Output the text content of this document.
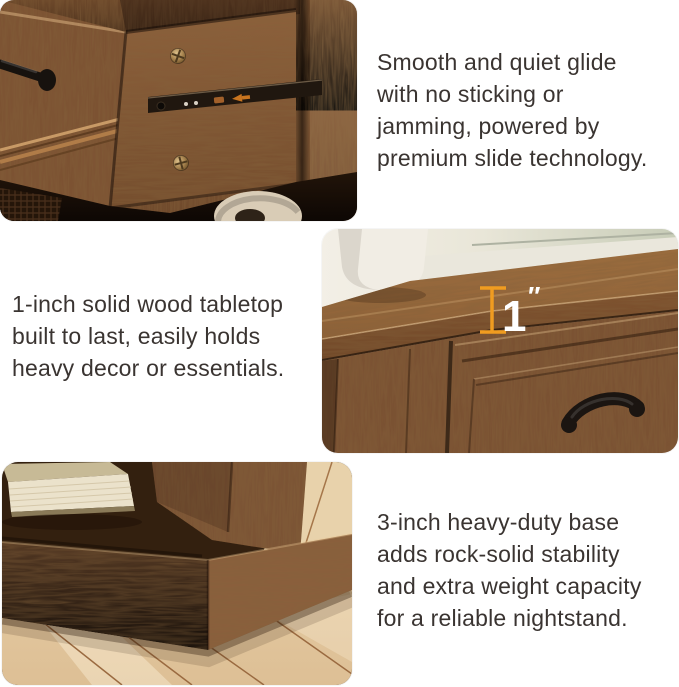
Smooth and quiet glide
with no sticking or
jamming, powered by
premium slide technology.
1 ″
1-inch solid wood tabletop
built to last, easily holds
heavy decor or essentials.
3-inch heavy-duty base
adds rock-solid stability
and extra weight capacity
for a reliable nightstand.
